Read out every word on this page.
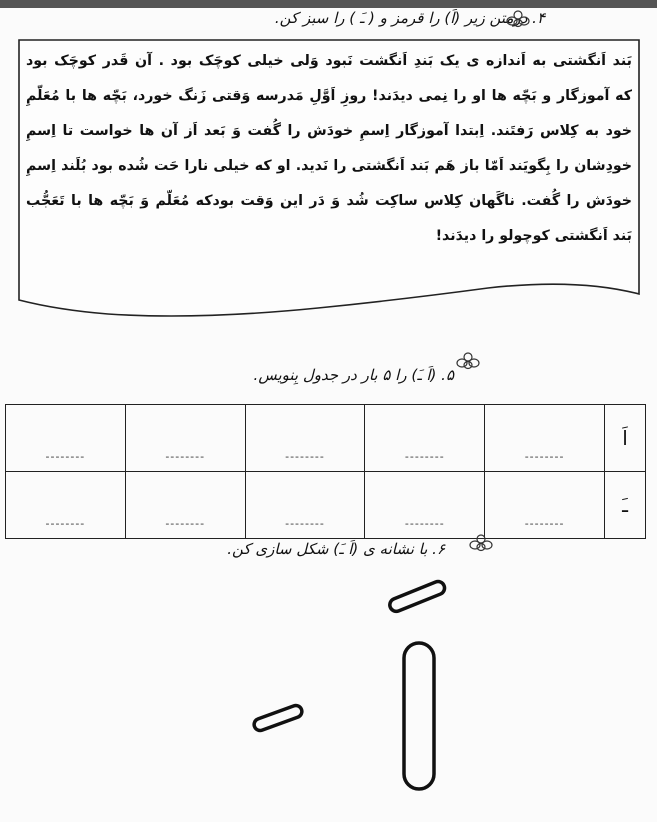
۴. درمتن زیر (اَ) را قرمز و ( ـَ ) را سبز کن.
بَند اَنگشتی به اَندازه ی یک بَندِ اَنگشت نَبود وَلی خیلی کوچَک بود . آن قَدر کوچَک بود
که آموزگار و بَچّه ها او را نِمی دیدَند! روزِ اَوَّلِ مَدرسه وَقتی زَنگ خورد، بَچّه ها با مُعَلّمِ
خود به کِلاس رَفتَند. اِبتدا آموزگار اِسمِ خودَش را گُفت وَ بَعد اَز آن ها خواست تا اِسمِ
خودِشان را بِگویَند اَمّا باز هَم بَند اَنگشتی را نَدید. او که خیلی نارا حَت شُده بود بُلَند اِسمِ
خودَش را گُفت. ناگَهان کِلاس ساکِت شُد وَ دَر این وَقت بودکه مُعَلّم وَ بَچّه ها با تَعَجُّب
بَند اَنگشتی کوچولو را دیدَند!
۵. (اَ ـَ) را ۵ بار در جدول بِنویس.
--------	--------	--------	--------	--------	اَ
--------	--------	--------	--------	--------	ـَ
۶. با نشانه ی (اَ ـَ) شکل سازی کن.
